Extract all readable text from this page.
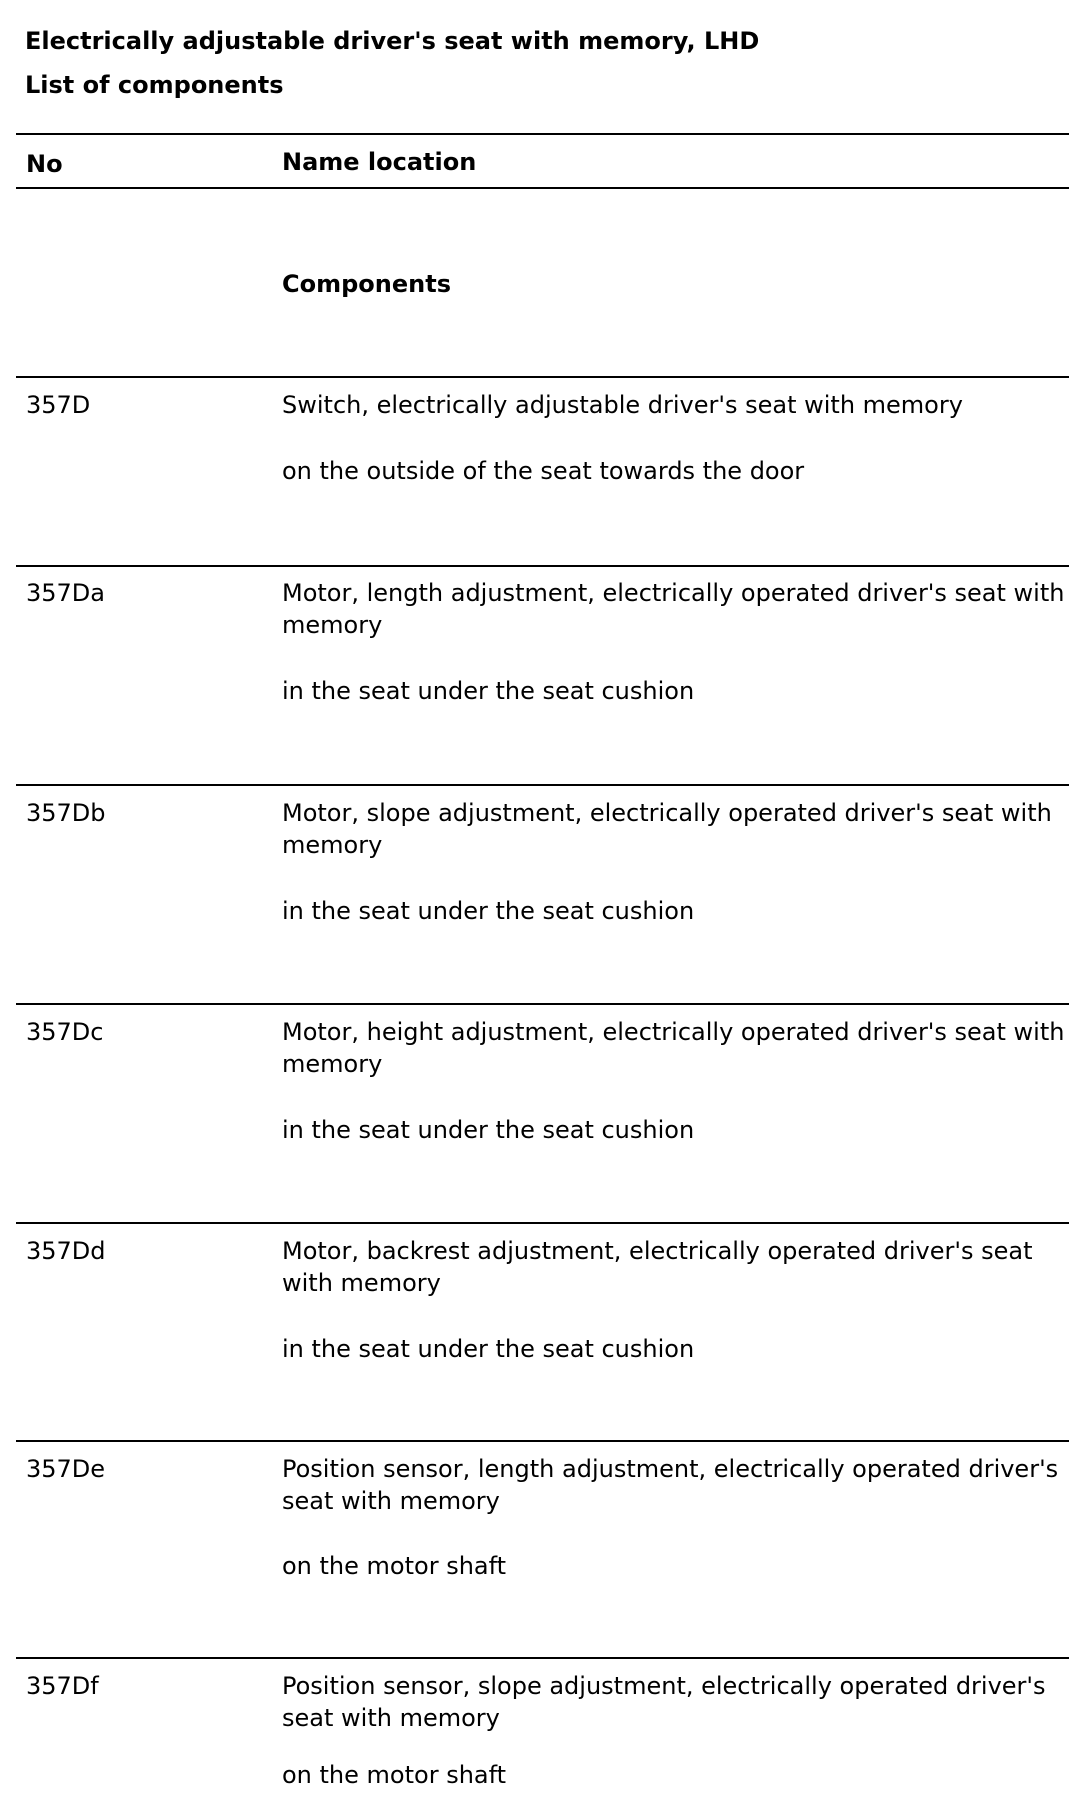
Electrically adjustable driver's seat with memory, LHD
List of components
No	Name location
Components
357D	Switch, electrically adjustable driver's seat with memory
on the outside of the seat towards the door
357Da	Motor, length adjustment, electrically operated driver's seat with memory
in the seat under the seat cushion
357Db	Motor, slope adjustment, electrically operated driver's seat with memory
in the seat under the seat cushion
357Dc	Motor, height adjustment, electrically operated driver's seat with memory
in the seat under the seat cushion
357Dd	Motor, backrest adjustment, electrically operated driver's seat with memory
in the seat under the seat cushion
357De	Position sensor, length adjustment, electrically operated driver's seat with memory
on the motor shaft
357Df	Position sensor, slope adjustment, electrically operated driver's seat with memory
on the motor shaft
